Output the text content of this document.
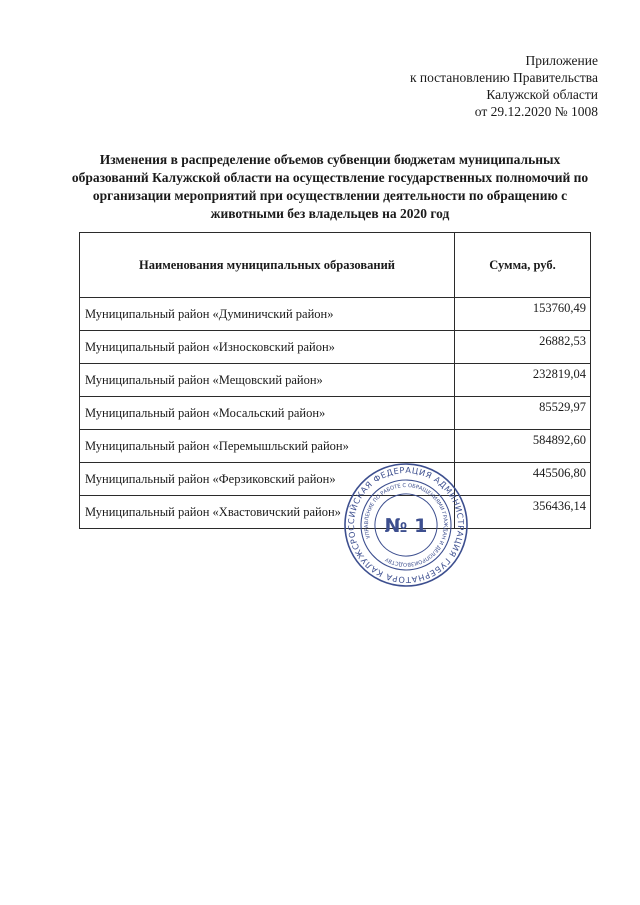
Приложение
к постановлению Правительства
Калужской области
от 29.12.2020 № 1008
Изменения в распределение объемов субвенции бюджетам муниципальных образований Калужской области на осуществление государственных полномочий по организации мероприятий при осуществлении деятельности по обращению с животными без владельцев на 2020 год
Наименования муниципальных образований	Сумма, руб.
Муниципальный район «Думиничский район»	153760,49
Муниципальный район «Износковский район»	26882,53
Муниципальный район «Мещовский район»	232819,04
Муниципальный район «Мосальский район»	85529,97
Муниципальный район «Перемышльский район»	584892,60
Муниципальный район «Ферзиковский район»	445506,80
Муниципальный район «Хвастовичский район»	356436,14
РОССИЙСКАЯ ФЕДЕРАЦИЯ АДМИНИСТРАЦИЯ ГУБЕРНАТОРА КАЛУЖСКОЙ
УПРАВЛЕНИЕ ПО РАБОТЕ С ОБРАЩЕНИЯМИ ГРАЖДАН И ДЕЛОПРОИЗВОДСТВУ
№ 1
